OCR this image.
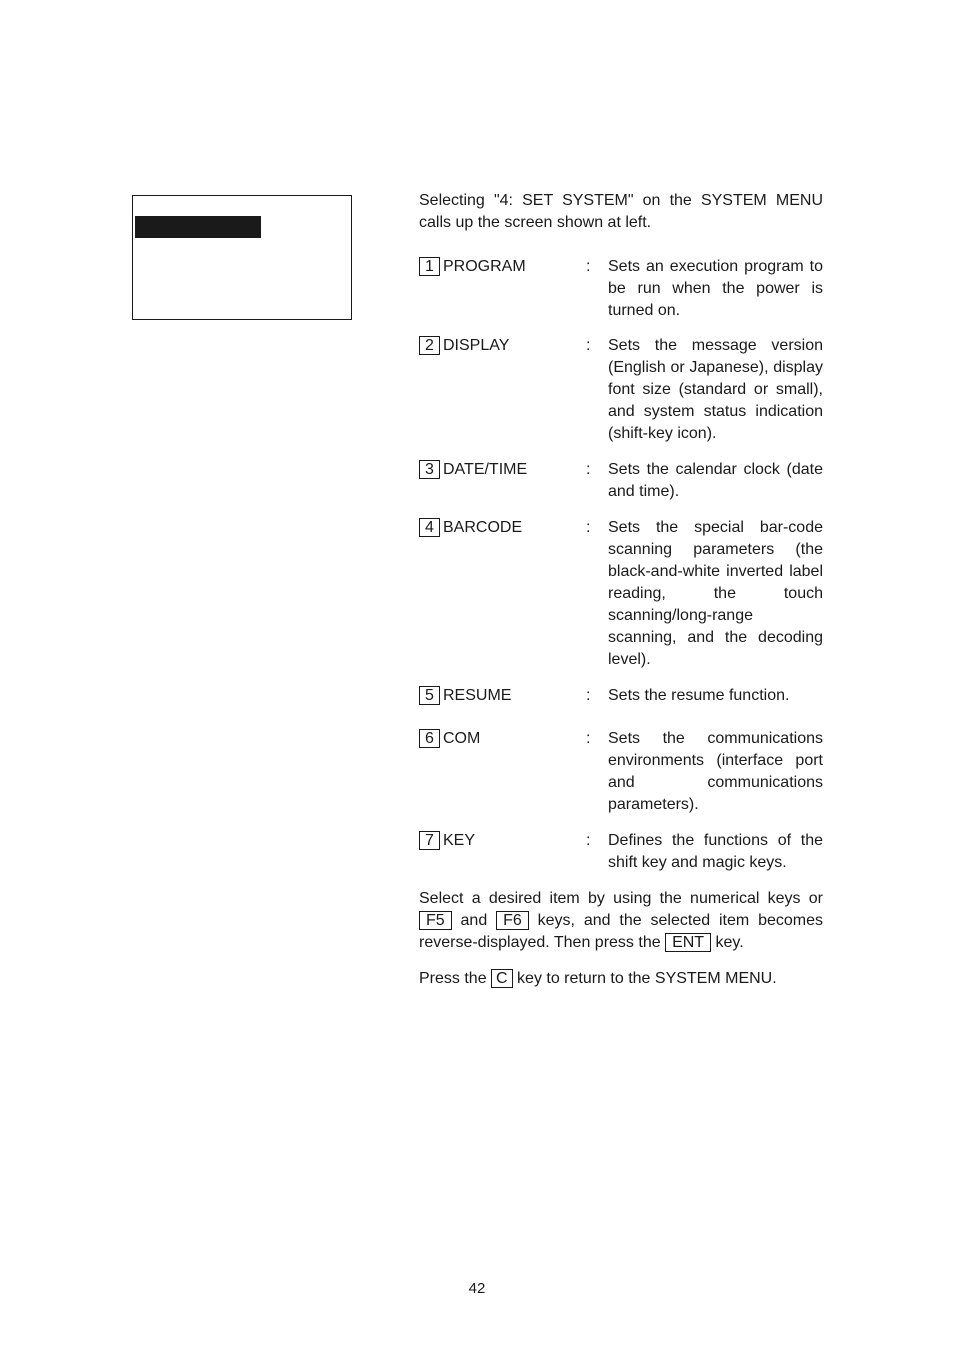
Selecting "4: SET SYSTEM" on the SYSTEM MENU calls up the screen shown at left.

1 PROGRAM	: Sets an execution program to be run when the power is turned on.
2 DISPLAY	: Sets the message version (English or Japanese), display font size (standard or small), and system status indication (shift-key icon).
3 DATE/TIME	: Sets the calendar clock (date and time).
4 BARCODE	: Sets the special bar-code scanning parameters (the black-and-white inverted label reading, the touch scanning/long-range scanning, and the decoding level).
5 RESUME	: Sets the resume function.
6 COM	: Sets the communications environments (interface port and communications parameters).
7 KEY	: Defines the functions of the shift key and magic keys.

Select a desired item by using the numerical keys or F5 and F6 keys, and the selected item becomes reverse-displayed. Then press the ENT key.

Press the C key to return to the SYSTEM MENU.

42
